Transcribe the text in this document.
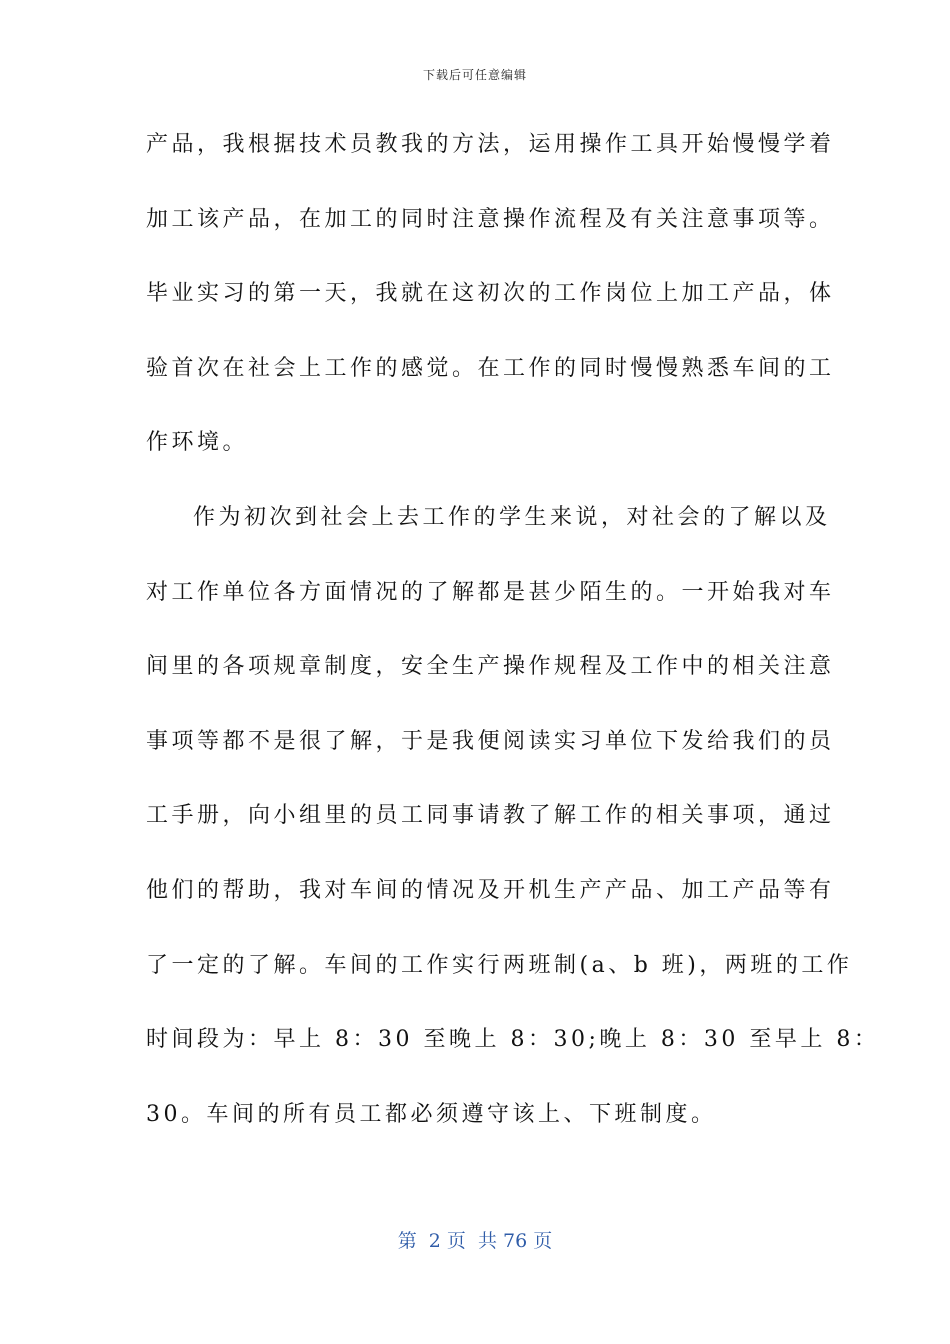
下载后可任意编辑
产品，我根据技术员教我的方法，运用操作工具开始慢慢学着
加工该产品，在加工的同时注意操作流程及有关注意事项等。
毕业实习的第一天，我就在这初次的工作岗位上加工产品，体
验首次在社会上工作的感觉。在工作的同时慢慢熟悉车间的工
作环境。
作为初次到社会上去工作的学生来说，对社会的了解以及
对工作单位各方面情况的了解都是甚少陌生的。一开始我对车
间里的各项规章制度，安全生产操作规程及工作中的相关注意
事项等都不是很了解，于是我便阅读实习单位下发给我们的员
工手册，向小组里的员工同事请教了解工作的相关事项，通过
他们的帮助，我对车间的情况及开机生产产品、加工产品等有
了一定的了解。车间的工作实行两班制(a、b 班)，两班的工作
时间段为：早上 8：30 至晚上 8：30;晚上 8：30 至早上 8：
30。车间的所有员工都必须遵守该上、下班制度。
第  2 页  共 76 页
